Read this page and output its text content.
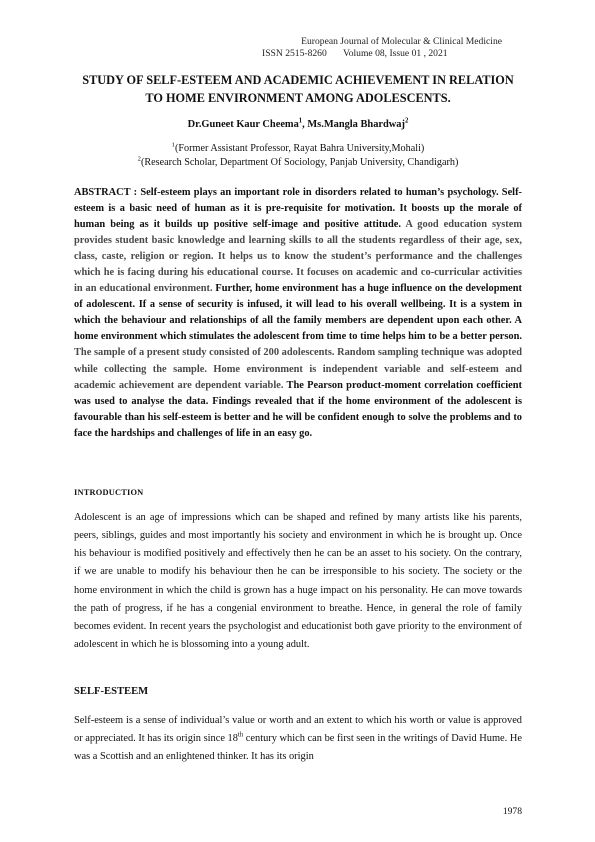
European Journal of Molecular & Clinical Medicine
ISSN 2515-8260 Volume 08, Issue 01 , 2021
STUDY OF SELF-ESTEEM AND ACADEMIC ACHIEVEMENT IN RELATION TO HOME ENVIRONMENT AMONG ADOLESCENTS.
Dr.Guneet Kaur Cheema$^1$, Ms.Mangla Bhardwaj$^2$
$^1$(Former Assistant Professor, Rayat Bahra University,Mohali)
$^2$(Research Scholar, Department Of Sociology, Panjab University, Chandigarh)
ABSTRACT : Self-esteem plays an important role in disorders related to human’s psychology. Self-esteem is a basic need of human as it is pre-requisite for motivation. It boosts up the morale of human being as it builds up positive self-image and positive attitude. A good education system provides student basic knowledge and learning skills to all the students regardless of their age, sex, class, caste, religion or region. It helps us to know the student’s performance and the challenges which he is facing during his educational course. It focuses on academic and co-curricular activities in an educational environment. Further, home environment has a huge influence on the development of adolescent. If a sense of security is infused, it will lead to his overall wellbeing. It is a system in which the behaviour and relationships of all the family members are dependent upon each other. A home environment which stimulates the adolescent from time to time helps him to be a better person. The sample of a present study consisted of 200 adolescents. Random sampling technique was adopted while collecting the sample. Home environment is independent variable and self-esteem and academic achievement are dependent variable. The Pearson product-moment correlation coefficient was used to analyse the data. Findings revealed that if the home environment of the adolescent is favourable than his self-esteem is better and he will be confident enough to solve the problems and to face the hardships and challenges of life in an easy go.
INTRODUCTION
Adolescent is an age of impressions which can be shaped and refined by many artists like his parents, peers, siblings, guides and most importantly his society and environment in which he is brought up. Once his behaviour is modified positively and effectively then he can be an asset to his society. On the contrary, if we are unable to modify his behaviour then he can be irresponsible to his society. The society or the home environment in which the child is grown has a huge impact on his personality. He can move towards the path of progress, if he has a congenial environment to breathe. Hence, in general the role of family becomes evident. In recent years the psychologist and educationist both gave priority to the environment of adolescent in which he is blossoming into a young adult.
SELF-ESTEEM
Self-esteem is a sense of individual’s value or worth and an extent to which his worth or value is approved or appreciated. It has its origin since 18th century which can be first seen in the writings of David Hume. He was a Scottish and an enlightened thinker. It has its origin
1978
